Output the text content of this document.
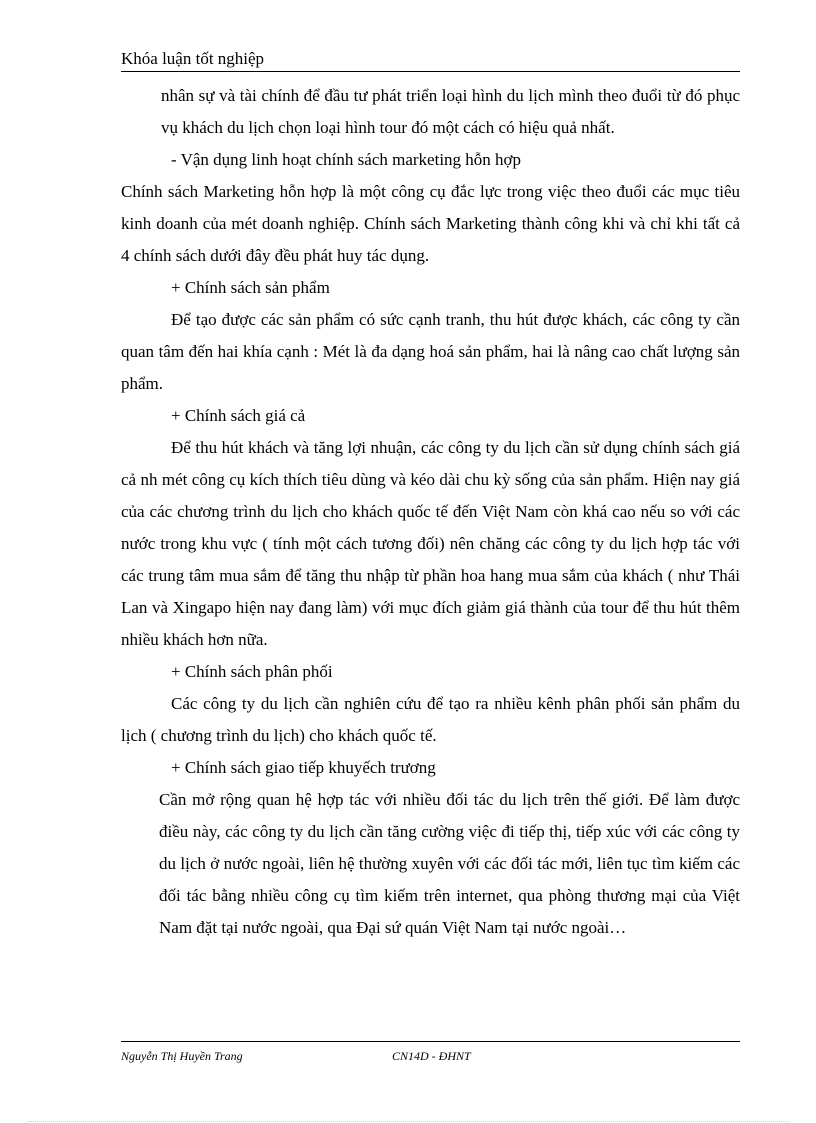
Khóa luận tốt nghiệp

nhân sự và tài chính để đầu tư phát triển loại hình du lịch mình theo đuổi từ đó phục vụ khách du lịch chọn loại hình tour đó một cách có hiệu quả nhất.

- Vận dụng linh hoạt chính sách marketing hỗn hợp

Chính sách Marketing hỗn hợp là một công cụ đắc lực trong việc theo đuổi các mục tiêu kinh doanh của mét doanh nghiệp. Chính sách Marketing thành công khi và chỉ khi tất cả 4 chính sách dưới đây đều phát huy tác dụng.

+ Chính sách sản phẩm

Để tạo được các sản phẩm có sức cạnh tranh, thu hút được khách, các công ty cần quan tâm đến hai khía cạnh : Mét là đa dạng hoá sản phẩm, hai là nâng cao chất lượng sản phẩm.

+ Chính sách giá cả

Để thu hút khách và tăng lợi nhuận, các công ty du lịch cần sử dụng chính sách giá cả nh mét công cụ kích thích tiêu dùng và kéo dài chu kỳ sống của sản phẩm. Hiện nay giá của các chương trình du lịch cho khách quốc tế đến Việt Nam còn khá cao nếu so với các nước trong khu vực ( tính một cách tương đối) nên chăng các công ty du lịch hợp tác với các trung tâm mua sắm để tăng thu nhập từ phần hoa hang mua sắm của khách ( như Thái Lan và Xingapo hiện nay đang làm) với mục đích giảm giá thành của tour để thu hút thêm nhiều khách hơn nữa.

+ Chính sách phân phối

Các công ty du lịch cần nghiên cứu để tạo ra nhiều kênh phân phối sản phẩm du lịch ( chương trình du lịch) cho khách quốc tế.

+ Chính sách giao tiếp khuyếch trương

Cần mở rộng quan hệ hợp tác với nhiều đối tác du lịch trên thế giới. Để làm được điều này, các công ty du lịch cần tăng cường việc đi tiếp thị, tiếp xúc với các công ty du lịch ở nước ngoài, liên hệ thường xuyên với các đối tác mới, liên tục tìm kiếm các đối tác bằng nhiều công cụ tìm kiếm trên internet, qua phòng thương mại của Việt Nam đặt tại nước ngoài, qua Đại sứ quán Việt Nam tại nước ngoài…

Nguyễn Thị Huyền Trang	CN14D - ĐHNT
